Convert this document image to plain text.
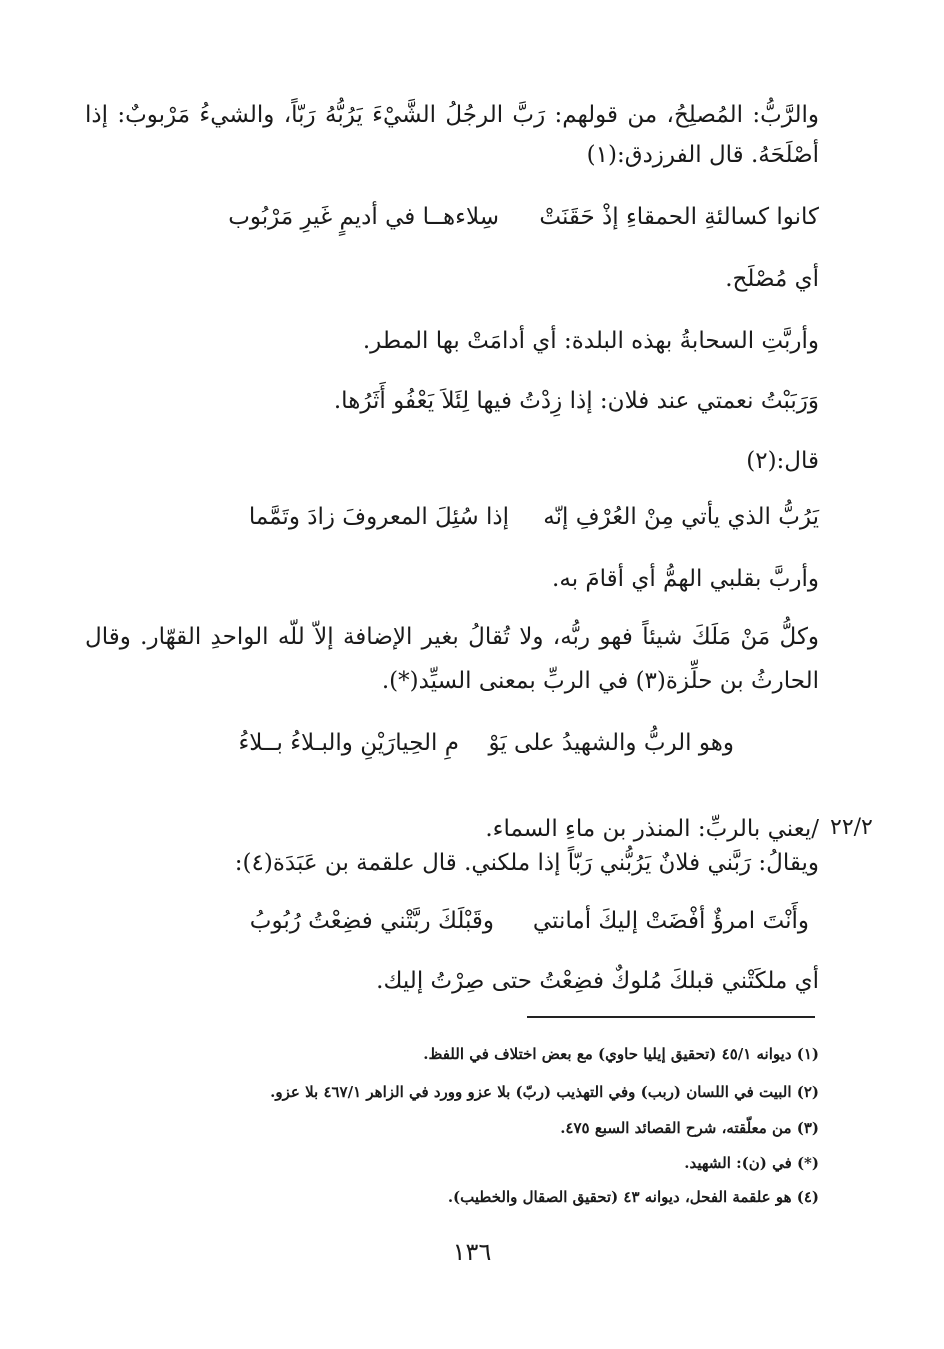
والرَّبُّ: المُصلِحُ، من قولهم: رَبَّ الرجُلُ الشَّيْءَ يَرُبُّهُ رَبّاً، والشيءُ مَرْبوبٌ: إذا
أصْلَحَهُ. قال الفرزدق:(١)
كانوا كسالئةِ الحمقاءِ إذْ حَقَنَتْ
سِلاءهــا في أديمٍ غَيرِ مَرْبُوب
أي مُصْلَح.
وأربَّتِ السحابةُ بهذه البلدة: أي أدامَتْ بها المطر.
وَرَبَبْتُ نعمتي عند فلان: إذا زِدْتُ فيها لِئَلاَ يَعْفُو أَثَرُها.
قال:(٢)
يَرُبُّ الذي يأتي مِنْ العُرْفِ إنّه
إذا سُئِلَ المعروفَ زادَ وتَمَّما
وأربَّ بقلبي الهمُّ أي أقامَ به.
وكلُّ مَنْ مَلَكَ شيئاً فهو ربُّه، ولا تُقالُ بغير الإضافة إلاّ للّه الواحدِ القهّار. وقال
الحارثُ بن حلِّزة(٣) في الربِّ بمعنى السيِّد(*).
وهو الربُّ والشهيدُ على يَوْ
مِ الحِيارَيْنِ والبـلاءُ بــلاءُ
٢٢/٢
/يعني بالربِّ: المنذر بن ماءِ السماء.
ويقالُ: رَبَّني فلانٌ يَرُبُّني رَبّاً إذا ملكني. قال علقمة بن عَبَدَة(٤):
وأَنْتَ امرؤٌ أفْضَتْ إليكَ أمانتي
وقَبْلَكَ ربَّتْني فضِعْتُ رُبُوبُ
أي ملكَتْني قبلكَ مُلوكٌ فضِعْتُ حتى صِرْتُ إليك.
(١) ديوانه ٤٥/١ (تحقيق إيليا حاوي) مع بعض اختلاف في اللفظ.
(٢) البيت في اللسان (ربب) وفي التهذيب (ربّ) بلا عزو وورد في الزاهر ٤٦٧/١ بلا عزو.
(٣) من معلّقته، شرح القصائد السبع ٤٧٥.
(*) في (ن): الشهيد.
(٤) هو علقمة الفحل، ديوانه ٤٣ (تحقيق الصقال والخطيب).
١٣٦
